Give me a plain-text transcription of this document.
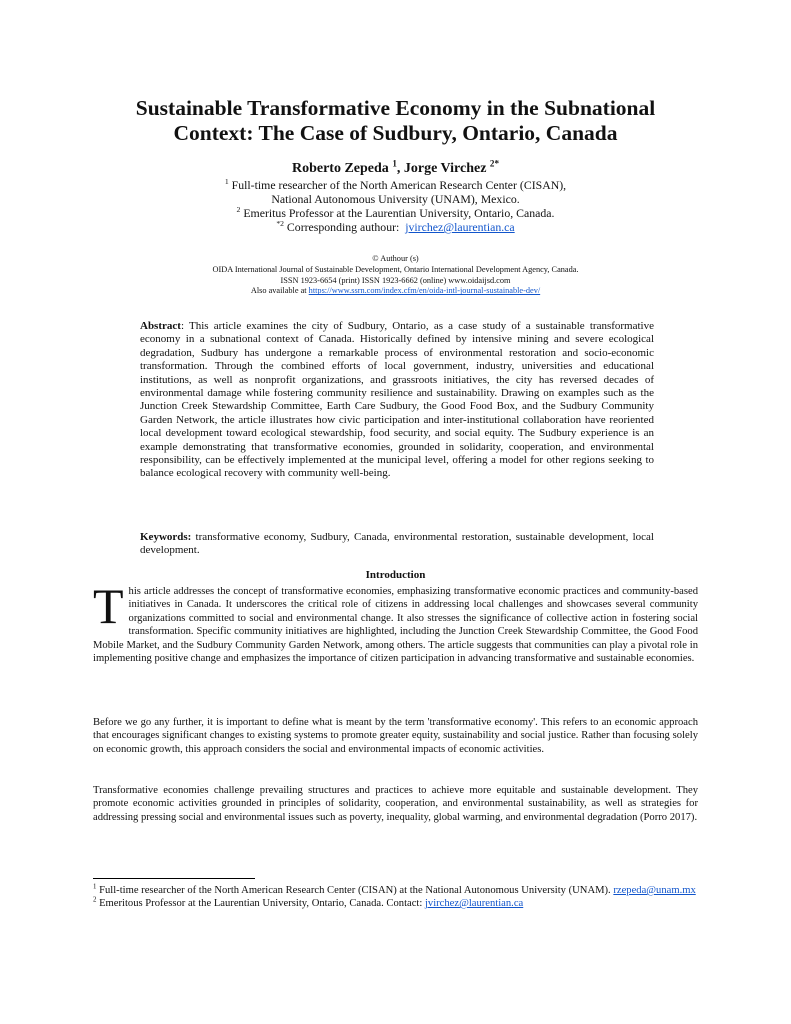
Sustainable Transformative Economy in the Subnational
Context: The Case of Sudbury, Ontario, Canada
Roberto Zepeda $^1$, Jorge Virchez $^{2*}$
$^1$ Full-time researcher of the North American Research Center (CISAN),
National Autonomous University (UNAM), Mexico.
$^2$ Emeritus Professor at the Laurentian University, Ontario, Canada.
$^{*2}$ Corresponding authour: jvirchez@laurentian.ca
© Authour (s)
OIDA International Journal of Sustainable Development, Ontario International Development Agency, Canada.
ISSN 1923-6654 (print) ISSN 1923-6662 (online) www.oidaijsd.com
Also available at https://www.ssrn.com/index.cfm/en/oida-intl-journal-sustainable-dev/

Abstract: This article examines the city of Sudbury, Ontario, as a case study of a sustainable transformative economy in a subnational context of Canada. Historically defined by intensive mining and severe ecological degradation, Sudbury has undergone a remarkable process of environmental restoration and socio-economic transformation. Through the combined efforts of local government, industry, universities and educational institutions, as well as nonprofit organizations, and grassroots initiatives, the city has reversed decades of environmental damage while fostering community resilience and sustainability. Drawing on examples such as the Junction Creek Stewardship Committee, Earth Care Sudbury, the Good Food Box, and the Sudbury Community Garden Network, the article illustrates how civic participation and inter-institutional collaboration have reoriented local development toward ecological stewardship, food security, and social equity. The Sudbury experience is an example demonstrating that transformative economies, grounded in solidarity, cooperation, and environmental responsibility, can be effectively implemented at the municipal level, offering a model for other regions seeking to balance ecological recovery with community well-being.

Keywords: transformative economy, Sudbury, Canada, environmental restoration, sustainable development, local development.

Introduction

This article addresses the concept of transformative economies, emphasizing transformative economic practices and community-based initiatives in Canada. It underscores the critical role of citizens in addressing local challenges and showcases several community organizations committed to social and environmental change. It also stresses the significance of collective action in fostering social transformation. Specific community initiatives are highlighted, including the Junction Creek Stewardship Committee, the Good Food Mobile Market, and the Sudbury Community Garden Network, among others. The article suggests that communities can play a pivotal role in implementing positive change and emphasizes the importance of citizen participation in advancing transformative and sustainable economies.

Before we go any further, it is important to define what is meant by the term 'transformative economy'. This refers to an economic approach that encourages significant changes to existing systems to promote greater equity, sustainability and social justice. Rather than focusing solely on economic growth, this approach considers the social and environmental impacts of economic activities.

Transformative economies challenge prevailing structures and practices to achieve more equitable and sustainable development. They promote economic activities grounded in principles of solidarity, cooperation, and environmental sustainability, as well as strategies for addressing pressing social and environmental issues such as poverty, inequality, global warming, and environmental degradation (Porro 2017).

$^1$ Full-time researcher of the North American Research Center (CISAN) at the National Autonomous University (UNAM). rzepeda@unam.mx

$^2$ Emeritous Professor at the Laurentian University, Ontario, Canada. Contact: jvirchez@laurentian.ca
